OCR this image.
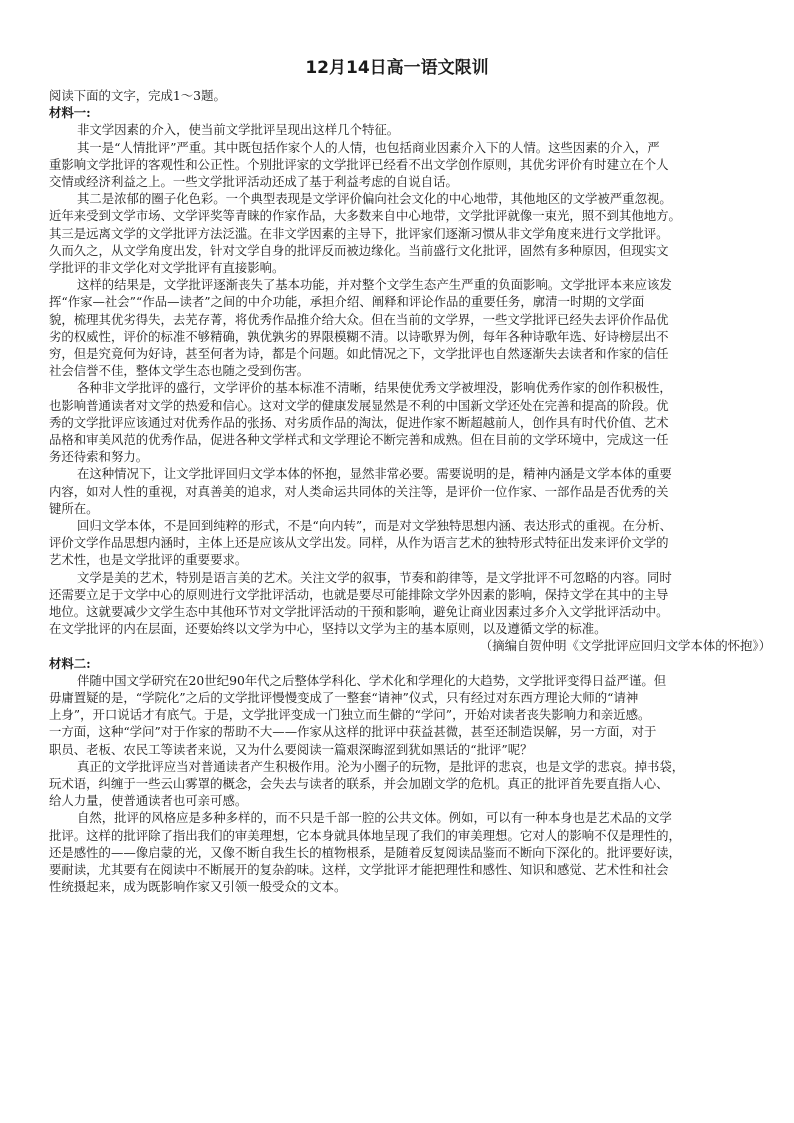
12月14日高一语文限训
阅读下面的文字，完成1～3题。
材料一:
非文学因素的介入，使当前文学批评呈现出这样几个特征。
其一是“人情批评”严重。其中既包括作家个人的人情，也包括商业因素介入下的人情。这些因素的介入，严
重影响文学批评的客观性和公正性。个别批评家的文学批评已经看不出文学创作原则，其优劣评价有时建立在个人
交情或经济利益之上。一些文学批评活动还成了基于利益考虑的自说自话。
其二是浓郁的圈子化色彩。一个典型表现是文学评价偏向社会文化的中心地带，其他地区的文学被严重忽视。
近年来受到文学市场、文学评奖等青睐的作家作品，大多数来自中心地带，文学批评就像一束光，照不到其他地方。
其三是远离文学的文学批评方法泛滥。在非文学因素的主导下，批评家们逐渐习惯从非文学角度来进行文学批评。
久而久之，从文学角度出发，针对文学自身的批评反而被边缘化。当前盛行文化批评，固然有多种原因，但现实文
学批评的非文学化对文学批评有直接影响。
这样的结果是，文学批评逐渐丧失了基本功能，并对整个文学生态产生严重的负面影响。文学批评本来应该发
挥“作家—社会”“作品—读者”之间的中介功能，承担介绍、阐释和评论作品的重要任务，廓清一时期的文学面
貌，梳理其优劣得失，去芜存菁，将优秀作品推介给大众。但在当前的文学界，一些文学批评已经失去评价作品优
劣的权威性，评价的标准不够精确，孰优孰劣的界限模糊不清。以诗歌界为例，每年各种诗歌年选、好诗榜层出不
穷，但是究竟何为好诗，甚至何者为诗，都是个问题。如此情况之下，文学批评也自然逐渐失去读者和作家的信任
社会信誉不佳，整体文学生态也随之受到伤害。
各种非文学批评的盛行，文学评价的基本标准不清晰，结果使优秀文学被埋没，影响优秀作家的创作积极性，
也影响普通读者对文学的热爱和信心。这对文学的健康发展显然是不利的中国新文学还处在完善和提高的阶段。优
秀的文学批评应该通过对优秀作品的张扬、对劣质作品的淘汰，促进作家不断超越前人，创作具有时代价值、艺术
品格和审美风范的优秀作品，促进各种文学样式和文学理论不断完善和成熟。但在目前的文学环境中，完成这一任
务还待索和努力。
在这种情况下，让文学批评回归文学本体的怀抱，显然非常必要。需要说明的是，精神内涵是文学本体的重要
内容，如对人性的重视，对真善美的追求，对人类命运共同体的关注等，是评价一位作家、一部作品是否优秀的关
键所在。
回归文学本体，不是回到纯粹的形式，不是“向内转”，而是对文学独特思想内涵、表达形式的重视。在分析、
评价文学作品思想内涵时，主体上还是应该从文学出发。同样，从作为语言艺术的独特形式特征出发来评价文学的
艺术性，也是文学批评的重要要求。
文学是美的艺术，特别是语言美的艺术。关注文学的叙事，节奏和韵律等，是文学批评不可忽略的内容。同时
还需要立足于文学中心的原则进行文学批评活动，也就是要尽可能排除文学外因素的影响，保持文学在其中的主导
地位。这就要减少文学生态中其他环节对文学批评活动的干预和影响，避免让商业因素过多介入文学批评活动中。
在文学批评的内在层面，还要始终以文学为中心，坚持以文学为主的基本原则，以及遵循文学的标准。
（摘编自贺仲明《文学批评应回归文学本体的怀抱》）
材料二:
伴随中国文学研究在20世纪90年代之后整体学科化、学术化和学理化的大趋势，文学批评变得日益严谨。但
毋庸置疑的是，“学院化”之后的文学批评慢慢变成了一整套“请神”仪式，只有经过对东西方理论大师的“请神
上身”，开口说话才有底气。于是，文学批评变成一门独立而生僻的“学问”，开始对读者丧失影响力和亲近感。
一方面，这种“学问”对于作家的帮助不大——作家从这样的批评中获益甚微，甚至还制造误解，另一方面，对于
职员、老板、农民工等读者来说，又为什么要阅读一篇艰深晦涩到犹如黑话的“批评”呢？
真正的文学批评应当对普通读者产生积极作用。沦为小圈子的玩物，是批评的悲哀，也是文学的悲哀。掉书袋，
玩术语，纠缠于一些云山雾罩的概念，会失去与读者的联系，并会加剧文学的危机。真正的批评首先要直指人心、
给人力量，使普通读者也可亲可感。
自然，批评的风格应是多种多样的，而不只是千部一腔的公共文体。例如，可以有一种本身也是艺术品的文学
批评。这样的批评除了指出我们的审美理想，它本身就具体地呈现了我们的审美理想。它对人的影响不仅是理性的，
还是感性的——像启蒙的光，又像不断自我生长的植物根系，是随着反复阅读品鉴而不断向下深化的。批评要好读，
要耐读，尤其要有在阅读中不断展开的复杂韵味。这样，文学批评才能把理性和感性、知识和感觉、艺术性和社会
性统摄起来，成为既影响作家又引领一般受众的文本。
